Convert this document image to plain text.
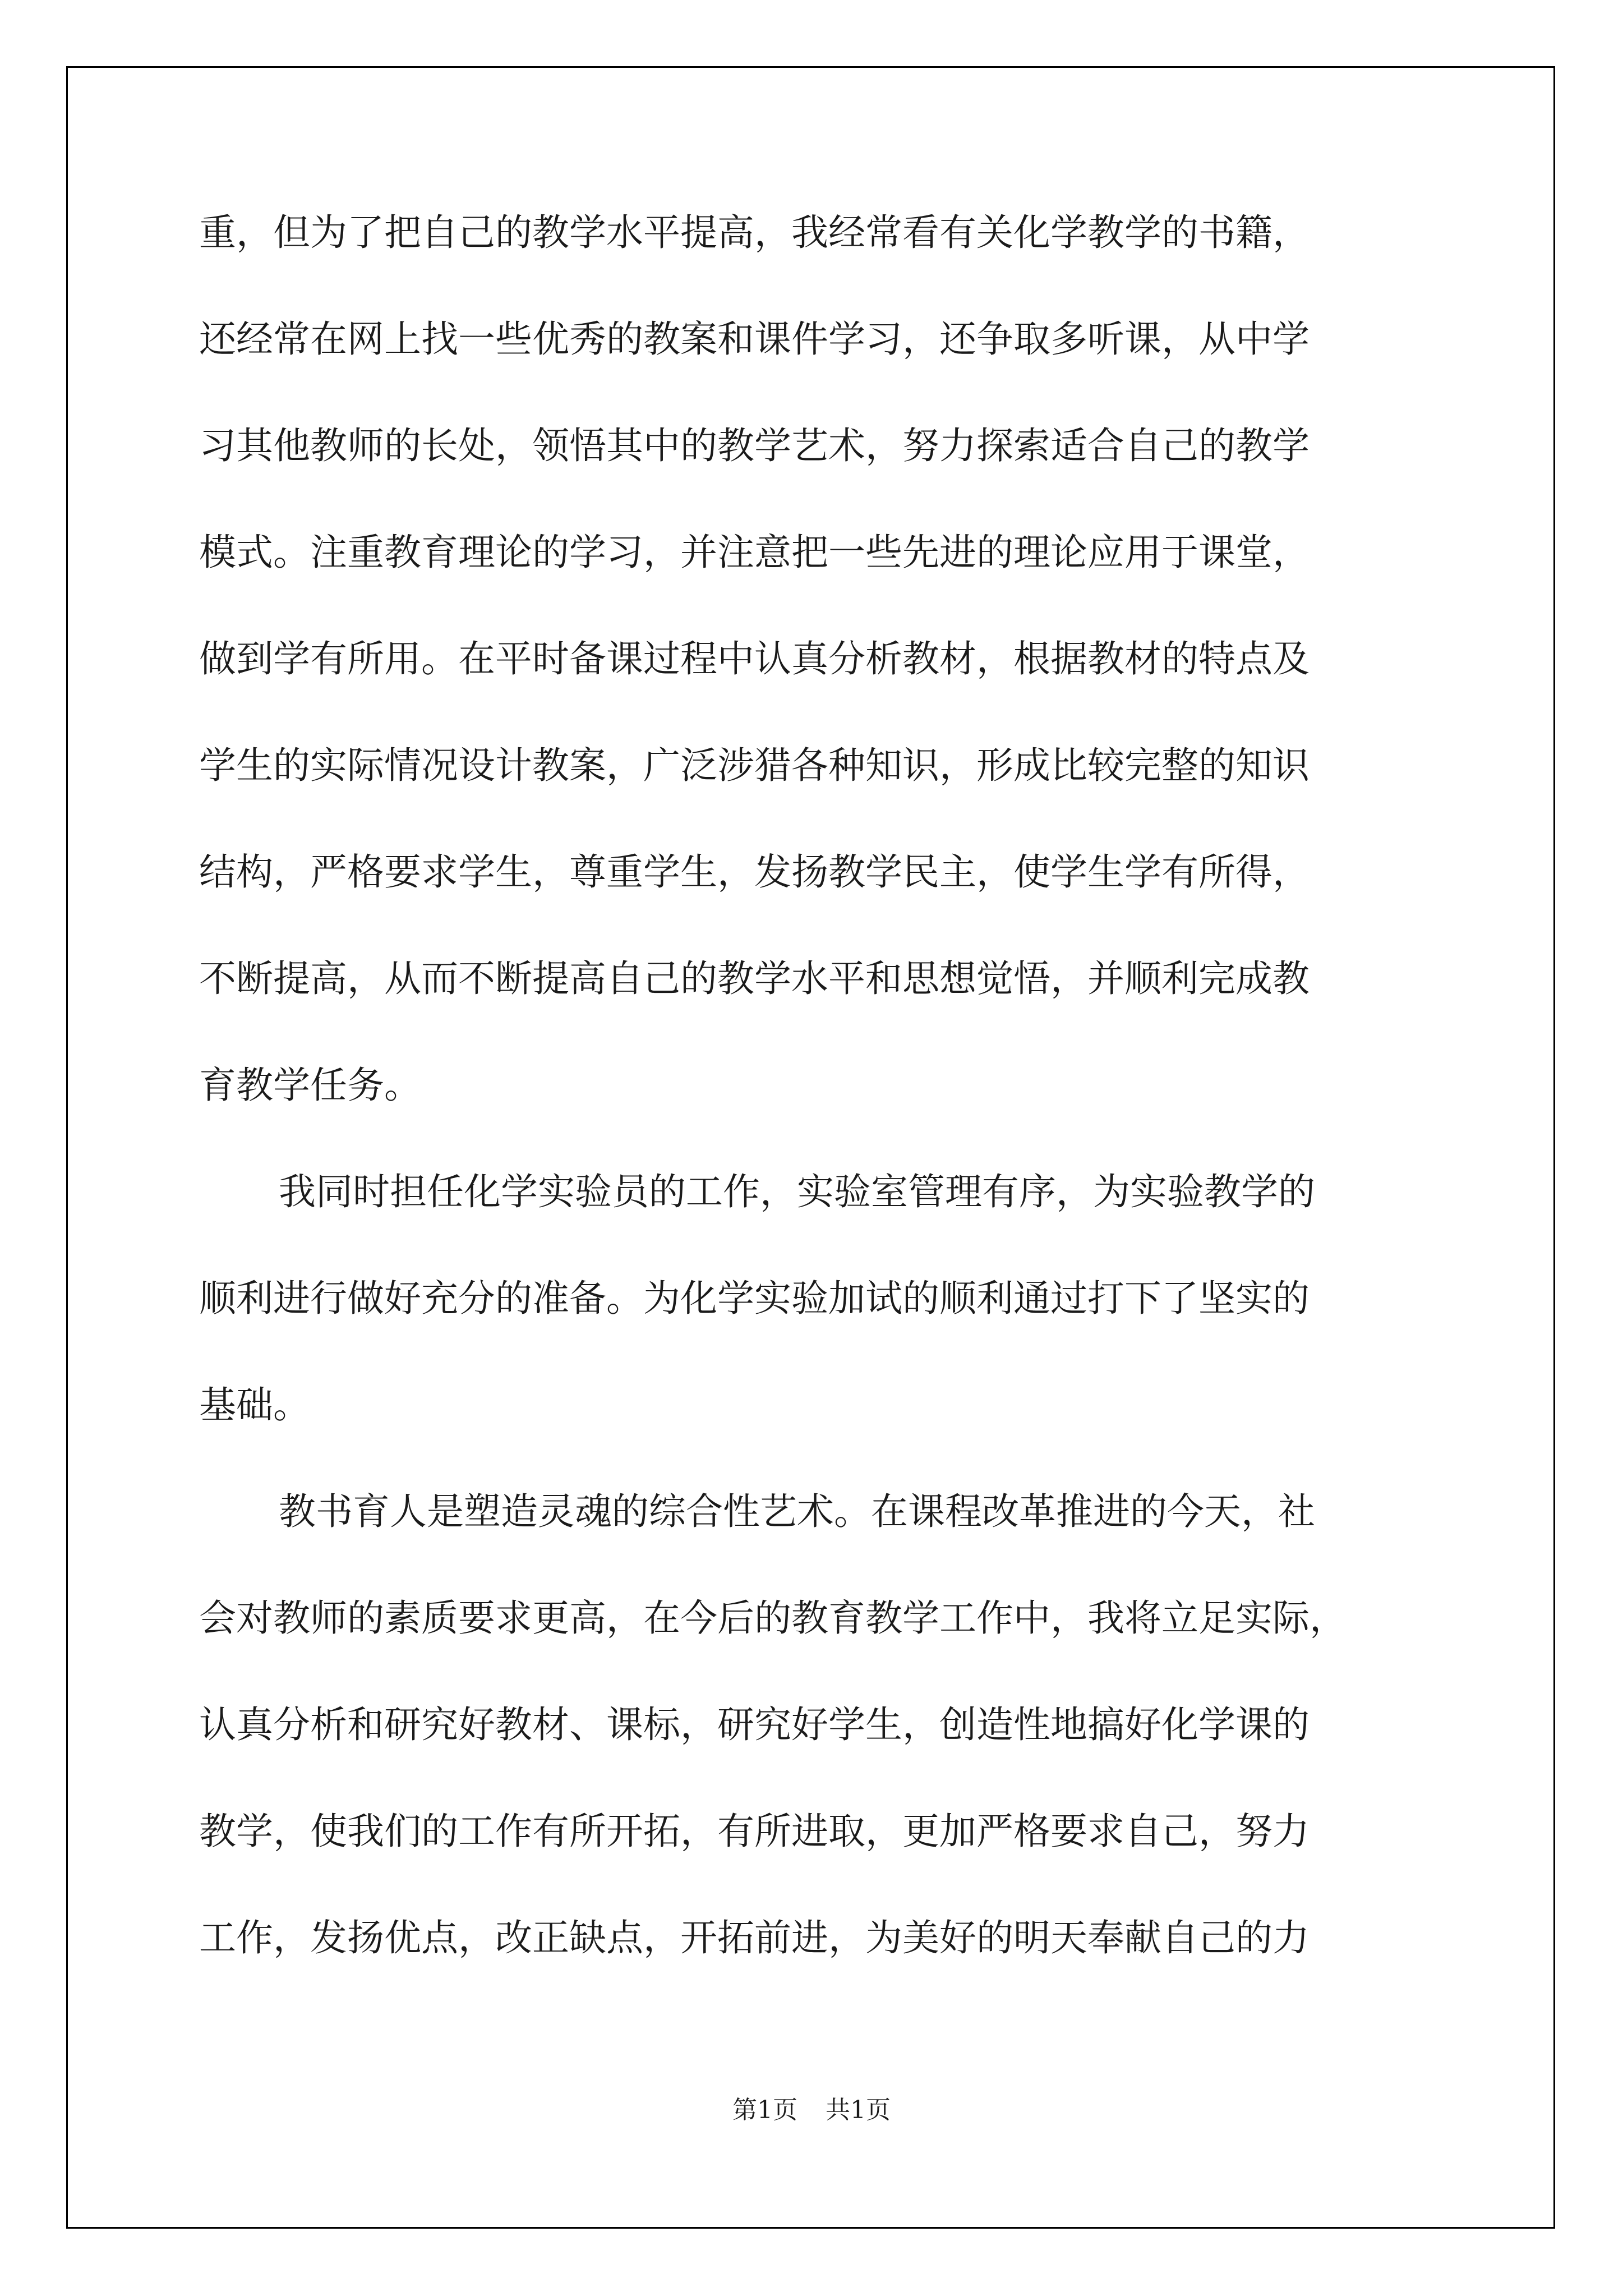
重，但为了把自己的教学水平提高，我经常看有关化学教学的书籍，
还经常在网上找一些优秀的教案和课件学习，还争取多听课，从中学
习其他教师的长处，领悟其中的教学艺术，努力探索适合自己的教学
模式。注重教育理论的学习，并注意把一些先进的理论应用于课堂，
做到学有所用。在平时备课过程中认真分析教材，根据教材的特点及
学生的实际情况设计教案，广泛涉猎各种知识，形成比较完整的知识
结构，严格要求学生，尊重学生，发扬教学民主，使学生学有所得，
不断提高，从而不断提高自己的教学水平和思想觉悟，并顺利完成教
育教学任务。
我同时担任化学实验员的工作，实验室管理有序，为实验教学的
顺利进行做好充分的准备。为化学实验加试的顺利通过打下了坚实的
基础。
教书育人是塑造灵魂的综合性艺术。在课程改革推进的今天，社
会对教师的素质要求更高，在今后的教育教学工作中，我将立足实际，
认真分析和研究好教材、课标，研究好学生，创造性地搞好化学课的
教学，使我们的工作有所开拓，有所进取，更加严格要求自己，努力
工作，发扬优点，改正缺点，开拓前进，为美好的明天奉献自己的力
第1页 共1页
